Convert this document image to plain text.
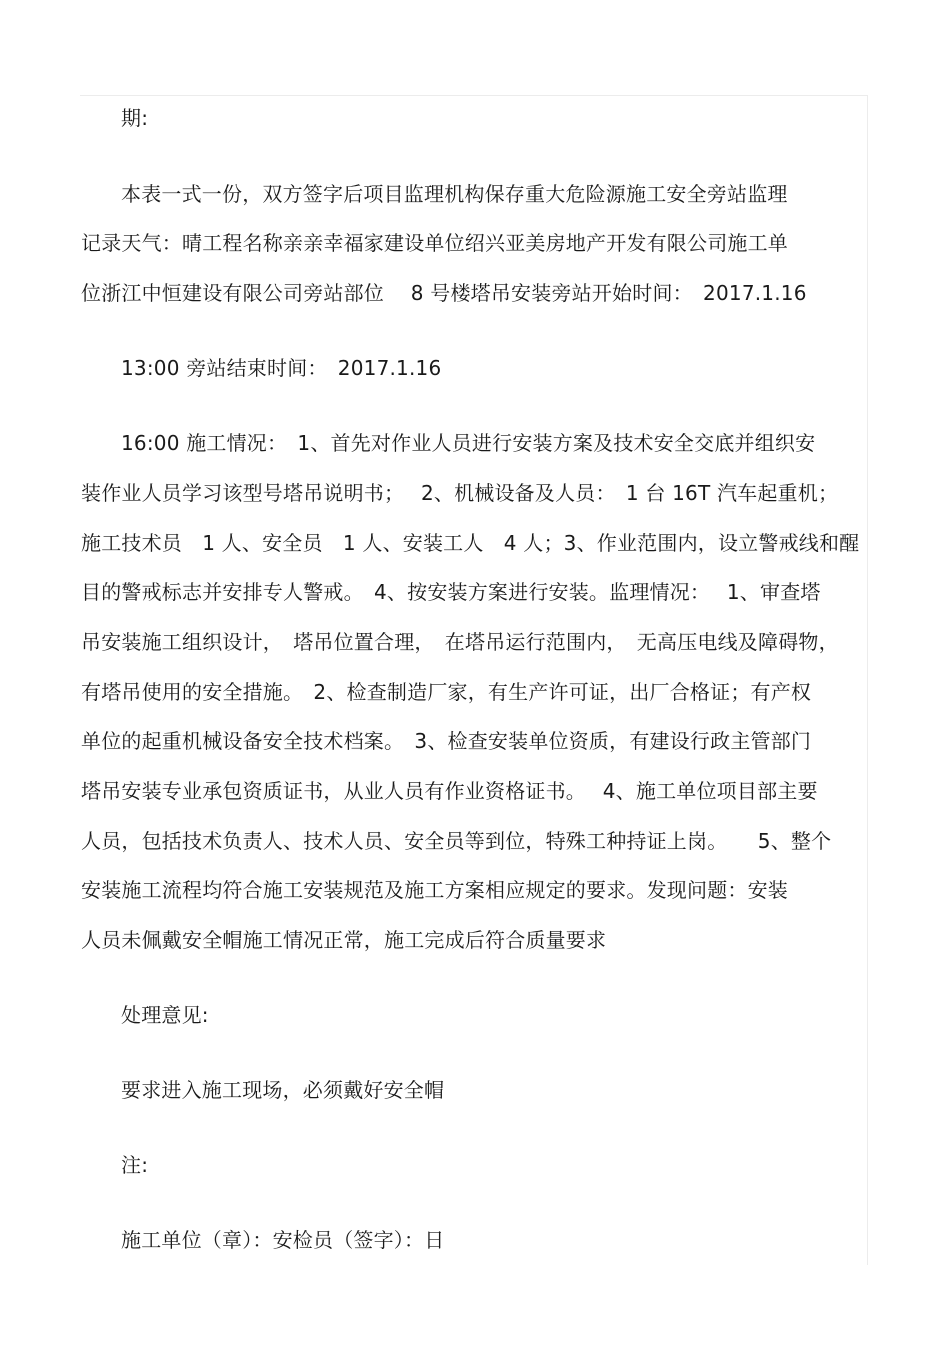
期:
本表一式一份，双方签字后项目监理机构保存重大危险源施工安全旁站监理
记录天气：晴工程名称亲亲幸福家建设单位绍兴亚美房地产开发有限公司施工单
位浙江中恒建设有限公司旁站部位　 8 号楼塔吊安装旁站开始时间：　2017.1.16
13:00 旁站结束时间：　2017.1.16
16:00 施工情况：　1、首先对作业人员进行安装方案及技术安全交底并组织安
装作业人员学习该型号塔吊说明书；　 2、机械设备及人员：　1 台 16T 汽车起重机；
施工技术员　1 人、安全员　1 人、安装工人　4 人；3、作业范围内，设立警戒线和醒
目的警戒标志并安排专人警戒。　4、按安装方案进行安装。监理情况：　 1、审查塔
吊安装施工组织设计，　塔吊位置合理，　在塔吊运行范围内，　无高压电线及障碍物，
有塔吊使用的安全措施。　2、检查制造厂家，有生产许可证，出厂合格证；有产权
单位的起重机械设备安全技术档案。　3、检查安装单位资质，有建设行政主管部门
塔吊安装专业承包资质证书，从业人员有作业资格证书。　 4、施工单位项目部主要
人员，包括技术负责人、技术人员、安全员等到位，特殊工种持证上岗。　　5、整个
安装施工流程均符合施工安装规范及施工方案相应规定的要求。发现问题：安装
人员未佩戴安全帽施工情况正常，施工完成后符合质量要求
处理意见:
要求进入施工现场，必须戴好安全帽
注:
施工单位（章）：安检员（签字）：日
